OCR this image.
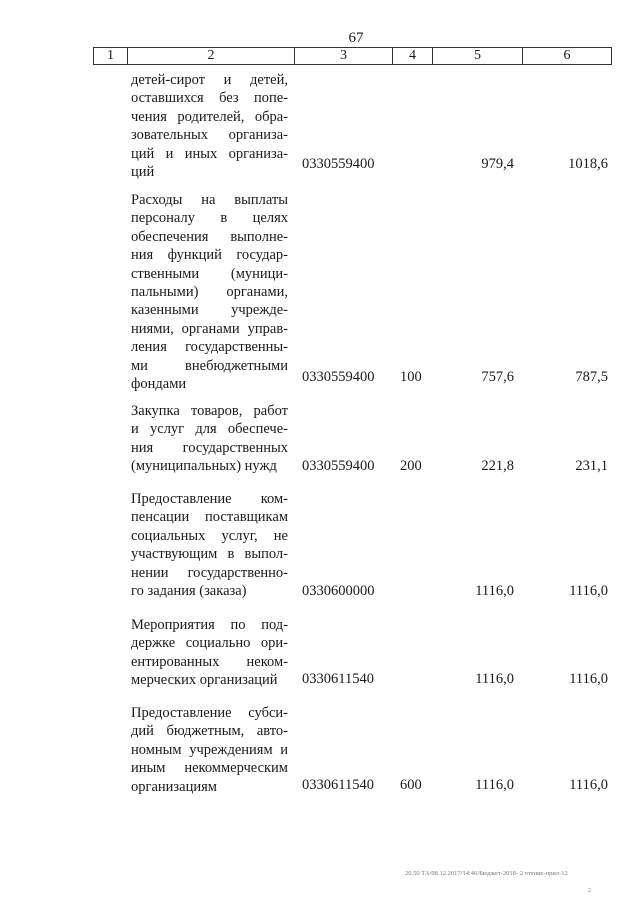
67
1	2	3	4	5	6
детей-сирот и детей,
оставшихся без попе-
чения родителей, обра-
зовательных организа-
ций и иных организа-
ций
0330559400	979,4	1018,6
Расходы на выплаты
персоналу в целях
обеспечения выполне-
ния функций государ-
ственными (муници-
пальными) органами,
казенными учрежде-
ниями, органами управ-
ления государственны-
ми внебюджетными
фондами	0330559400 100	757,6	787,5
Закупка товаров, работ
и услуг для обеспече-
ния государственных
(муниципальных) нужд	0330559400 200	221,8	231,1
Предоставление ком-
пенсации поставщикам
социальных услуг, не
участвующим в выпол-
нении государственно-
го задания (заказа)	0330600000	1116,0	1116,0
Мероприятия по под-
держке социально ори-
ентированных неком-
мерческих организаций	0330611540	1116,0	1116,0
Предоставление субси-
дий бюджетным, авто-
номным учреждениям и
иным некоммерческим
организациям	0330611540 600	1116,0	1116,0
20.50 ТА/08.12.2017/14:46/Бюджет-2018- 2 чтение-прил-12
2
